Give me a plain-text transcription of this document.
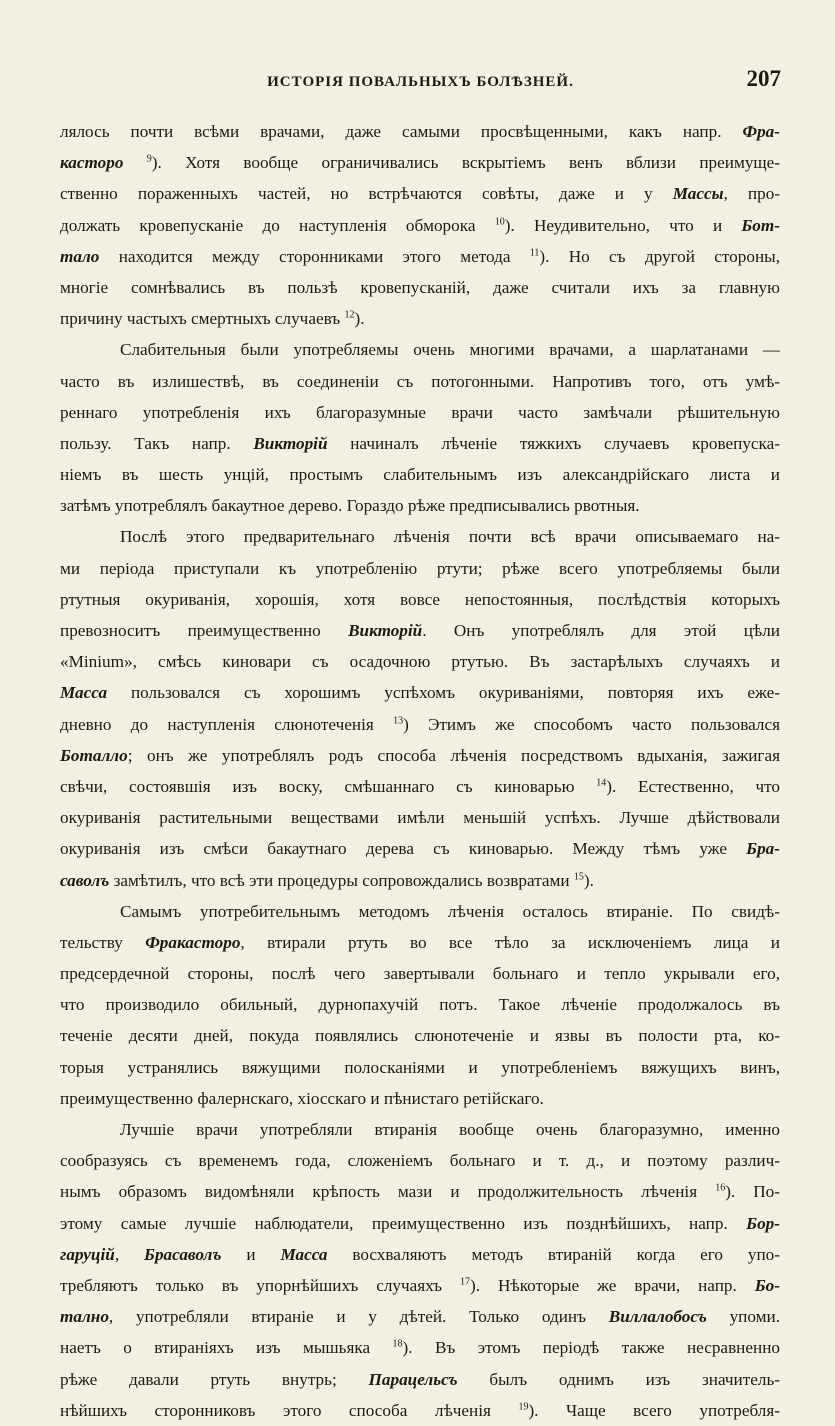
ИСТОРІЯ ПОВАЛЬНЫХЪ БОЛѢЗНЕЙ.	207
лялось почти всѣми врачами, даже самыми просвѣщенными, какъ напр. Фра-
касторо $^9$). Хотя вообще ограничивались вскрытіемъ венъ вблизи преимуще-
ственно пораженныхъ частей, но встрѣчаются совѣты, даже и у Массы, про-
должать кровепусканіе до наступленія обморока $^{10}$). Неудивительно, что и Бот-
тало находится между сторонниками этого метода $^{11}$). Но съ другой стороны,
многіе сомнѣвались въ пользѣ кровепусканій, даже считали ихъ за главную
причину частыхъ смертныхъ случаевъ $^{12}$).
Слабительныя были употребляемы очень многими врачами, а шарлатанами —
часто въ излишествѣ, въ соединеніи съ потогонными. Напротивъ того, отъ умѣ-
реннаго употребленія ихъ благоразумные врачи часто замѣчали рѣшительную
пользу. Такъ напр. Викторій начиналъ лѣченіе тяжкихъ случаевъ кровепуска-
ніемъ въ шесть унцій, простымъ слабительнымъ изъ александрійскаго листа и
затѣмъ употреблялъ бакаутное дерево. Гораздо рѣже предписывались рвотныя.
Послѣ этого предварительнаго лѣченія почти всѣ врачи описываемаго на-
ми періода приступали къ употребленію ртути; рѣже всего употребляемы были
ртутныя окуриванія, хорошія, хотя вовсе непостоянныя, послѣдствія которыхъ
превозноситъ преимущественно Викторій. Онъ употреблялъ для этой цѣли
«Minium», смѣсь киновари съ осадочною ртутью. Въ застарѣлыхъ случаяхъ и
Масса пользовался съ хорошимъ успѣхомъ окуриваніями, повторяя ихъ еже-
дневно до наступленія слюнотеченія $^{13}$) Этимъ же способомъ часто пользовался
Боталло; онъ же употреблялъ родъ способа лѣченія посредствомъ вдыханія, зажигая
свѣчи, состоявшія изъ воску, смѣшаннаго съ киноварью $^{14}$). Естественно, что
окуриванія растительными веществами имѣли меньшій успѣхъ. Лучше дѣйствовали
окуриванія изъ смѣси бакаутнаго дерева съ киноварью. Между тѣмъ уже Бра-
саволъ замѣтилъ, что всѣ эти процедуры сопровождались возвратами $^{15}$).
Самымъ употребительнымъ методомъ лѣченія осталось втираніе. По свидѣ-
тельству Фракасторо, втирали ртуть во все тѣло за исключеніемъ лица и
предсердечной стороны, послѣ чего завертывали больнаго и тепло укрывали его,
что производило обильный, дурнопахучій потъ. Такое лѣченіе продолжалось въ
теченіе десяти дней, покуда появлялись слюнотеченіе и язвы въ полости рта, ко-
торыя устранялись вяжущими полосканіями и употребленіемъ вяжущихъ винъ,
преимущественно фалернскаго, хіосскаго и пѣнистаго ретійскаго.
Лучшіе врачи употребляли втиранія вообще очень благоразумно, именно
сообразуясь съ временемъ года, сложеніемъ больнаго и т. д., и поэтому различ-
нымъ образомъ видомѣняли крѣпость мази и продолжительность лѣченія $^{16}$). По-
этому самые лучшіе наблюдатели, преимущественно изъ позднѣйшихъ, напр. Бор-
гаруцій, Брасаволъ и Масса восхваляютъ методъ втираній когда его упо-
требляютъ только въ упорнѣйшихъ случаяхъ $^{17}$). Нѣкоторые же врачи, напр. Бо-
тално, употребляли втираніе и у дѣтей. Только одинъ Виллалобосъ упоми.
наетъ о втираніяхъ изъ мышьяка $^{18}$). Въ этомъ періодѣ также несравненно
рѣже давали ртуть внутрь; Парацельсъ былъ однимъ изъ значитель-
нѣйшихъ сторонниковъ этого способа лѣченія $^{19}$). Чаще всего употребля-
